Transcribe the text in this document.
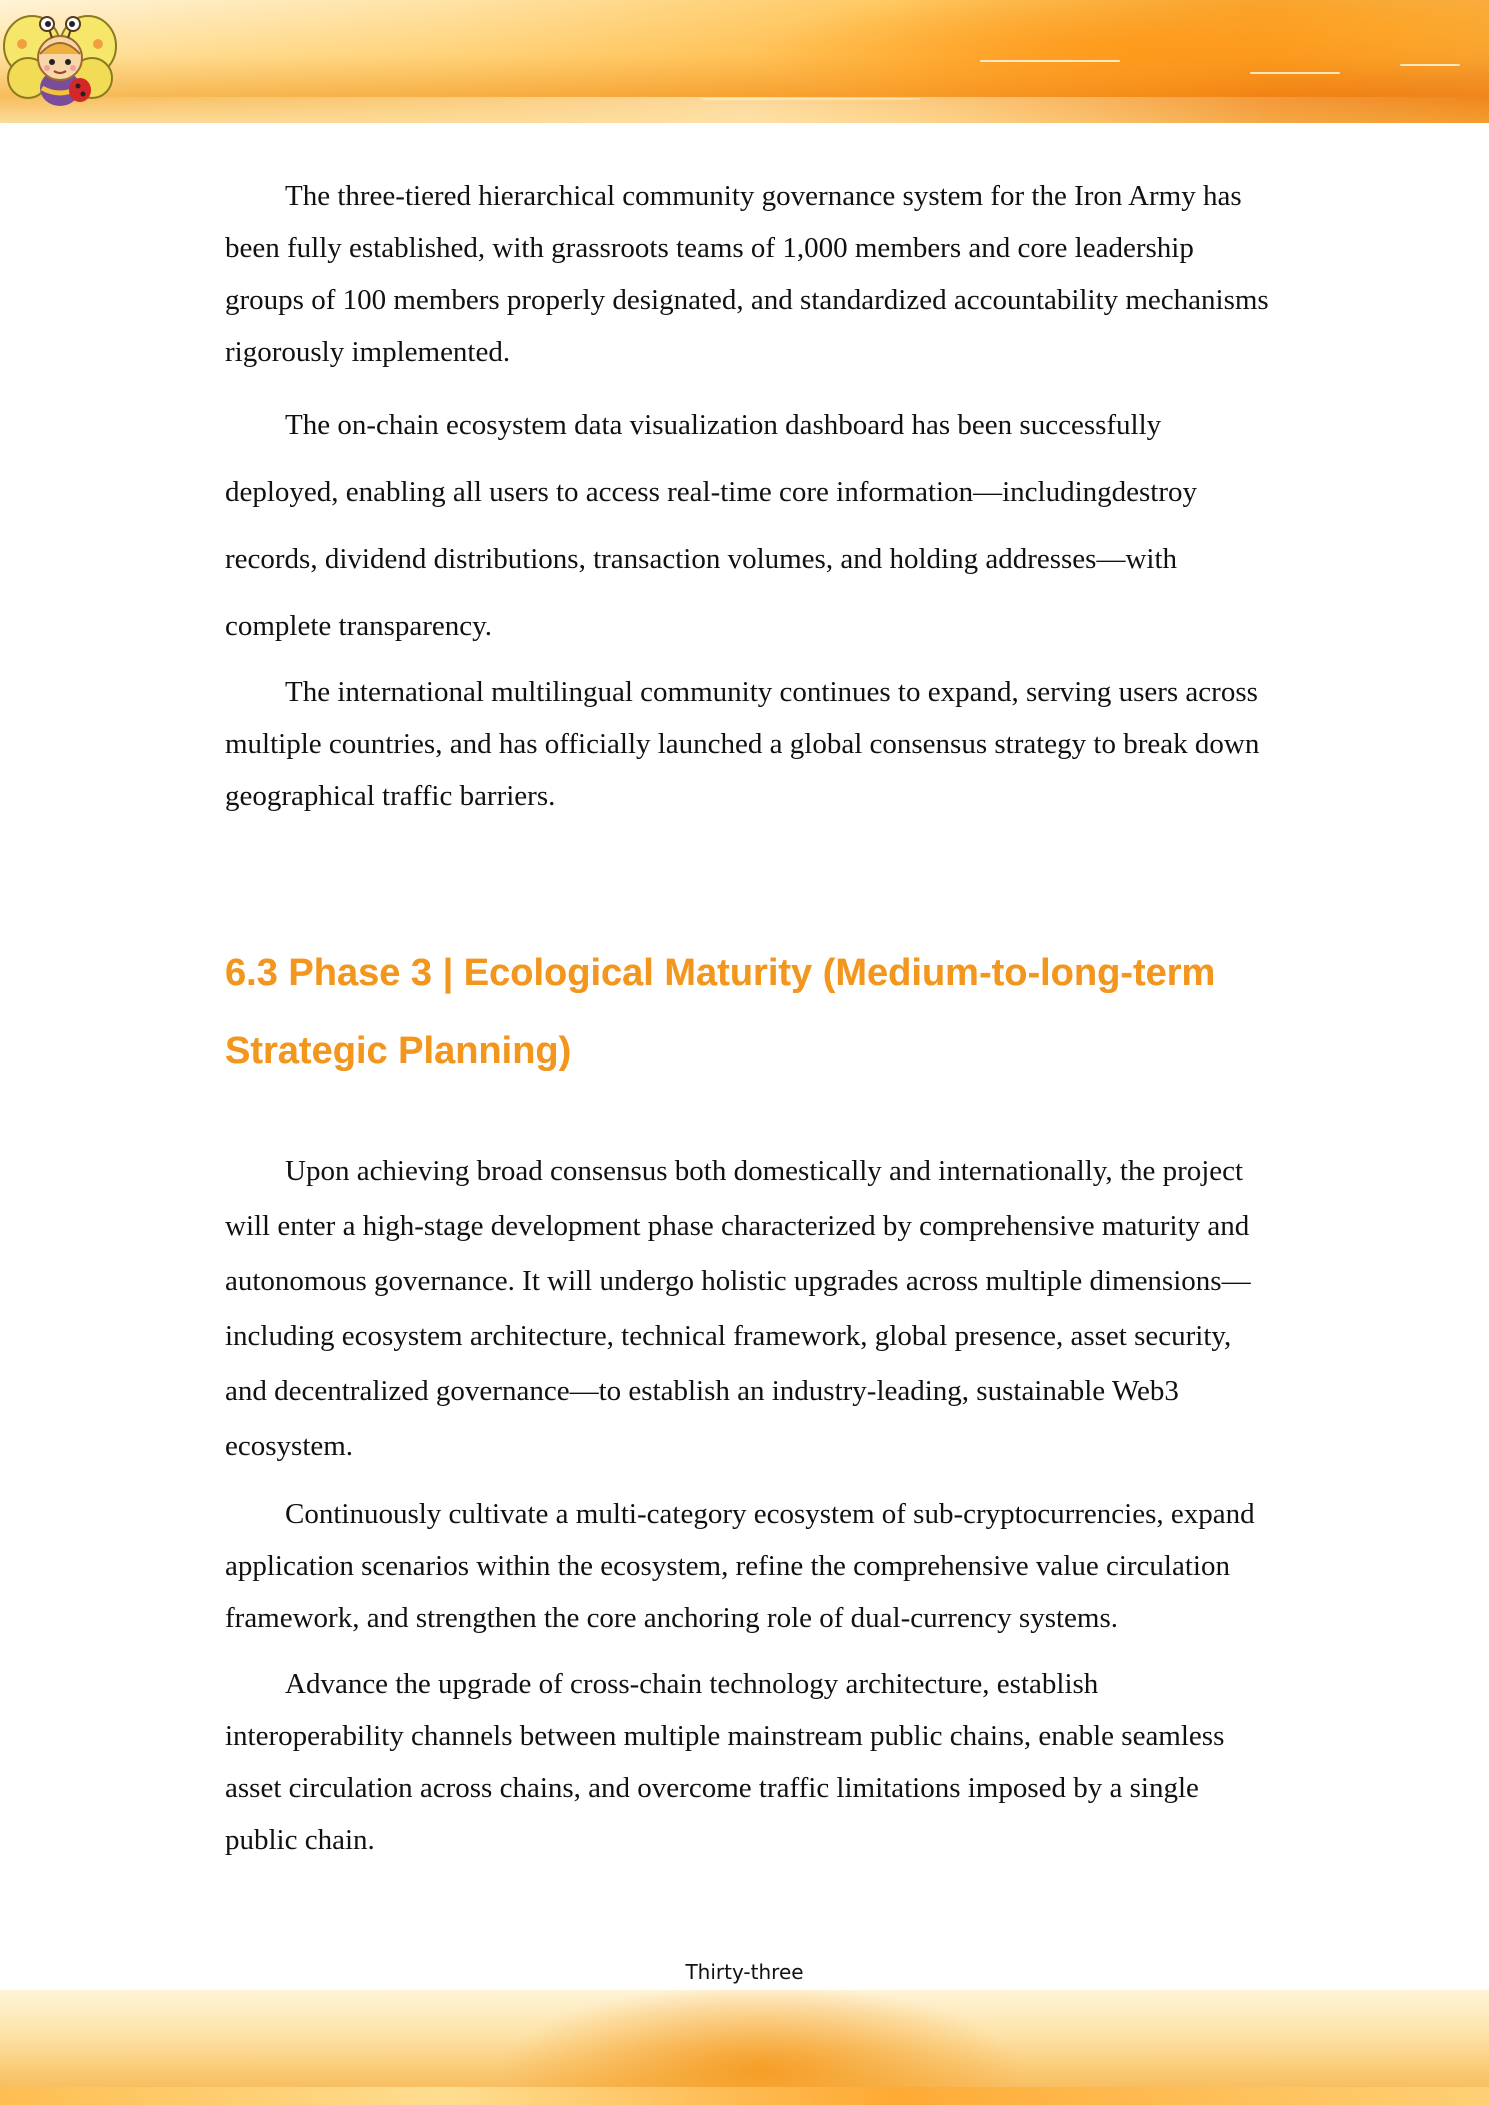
The three-tiered hierarchical community governance system for the Iron Army has been fully established, with grassroots teams of 1,000 members and core leadership groups of 100 members properly designated, and standardized accountability mechanisms rigorously implemented.

The on-chain ecosystem data visualization dashboard has been successfully deployed, enabling all users to access real-time core information—includingdestroy records, dividend distributions, transaction volumes, and holding addresses—with complete transparency.

The international multilingual community continues to expand, serving users across multiple countries, and has officially launched a global consensus strategy to break down geographical traffic barriers.

6.3 Phase 3 | Ecological Maturity (Medium-to-long-term Strategic Planning)

Upon achieving broad consensus both domestically and internationally, the project will enter a high-stage development phase characterized by comprehensive maturity and autonomous governance. It will undergo holistic upgrades across multiple dimensions—including ecosystem architecture, technical framework, global presence, asset security, and decentralized governance—to establish an industry-leading, sustainable Web3 ecosystem.

Continuously cultivate a multi-category ecosystem of sub-cryptocurrencies, expand application scenarios within the ecosystem, refine the comprehensive value circulation framework, and strengthen the core anchoring role of dual-currency systems.

Advance the upgrade of cross-chain technology architecture, establish interoperability channels between multiple mainstream public chains, enable seamless asset circulation across chains, and overcome traffic limitations imposed by a single public chain.

Thirty-three
